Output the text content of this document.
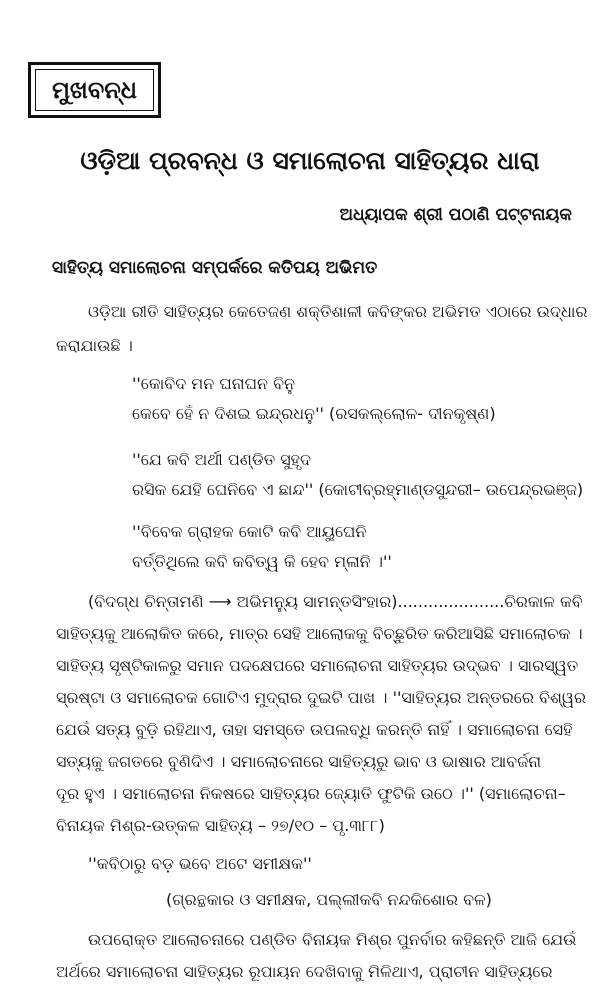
ମୁଖବନ୍ଧ
ଓଡ଼ିଆ ପ୍ରବନ୍ଧ ଓ ସମାଲୋଚନା ସାହିତ୍ୟର ଧାରା
ଅଧ୍ୟାପକ ଶ୍ରୀ ପଠାଣି ପଟ୍ଟନାୟକ
ସାହିତ୍ୟ ସମାଲୋଚନା ସମ୍ପର୍କରେ କତିପୟ ଅଭିମତ
ଓଡ଼ିଆ ରୀତି ସାହିତ୍ୟର କେତେଜଣ ଶକ୍ତିଶାଳୀ କବିଙ୍କର ଅଭିମତ ଏଠାରେ ଉଦ୍ଧାର
କରାଯାଉଛି ।
''କୋବିଦ ମନ ଘନାଘନ ବିନୁ
କେବେ ହେଁ ନ ଦିଶଇ ଇନ୍ଦ୍ରଧନୁ'' (ରସକଲ୍ଲୋଳ- ଦୀନକୃଷ୍ଣ)
''ଯେ କବି ଅର୍ଥୀ ପଣ୍ଡିତ ସୁହୃଦ
ରସିକ ଯେହି ଘେନିବେ ଏ ଛାନ୍ଦ'' (କୋଟୀବ୍ରହ୍ମାଣ୍ଡସୁନ୍ଦରୀ– ଉପେନ୍ଦ୍ରଭଞ୍ଜ)
''ବିବେକ ଗ୍ରାହକ କୋଟି କବି ଆୟୁଘେନି
ବର୍ତ୍ତିଥିଲେ କବି କବିତ୍ୱ କି ହେବ ମ୍ଳାନି ।''
(ବିଦଗ୍ଧ ଚିନ୍ତାମଣି ⟶ ଅଭିମନ୍ୟୁ ସାମନ୍ତସିଂହାର).....................ଚିରକାଳ କବି
ସାହିତ୍ୟକୁ ଆଲୋକିତ କରେ, ମାତ୍ର ସେହି ଆଲୋକକୁ ବିଚ୍ଛୁରିତ କରିଆସିଛି ସମାଲୋଚକ ।
ସାହିତ୍ୟ ସୃଷ୍ଟିକାଳରୁ ସମାନ ପଦକ୍ଷେପରେ ସମାଲୋଚନା ସାହିତ୍ୟର ଉଦ୍ଭବ । ସାରସ୍ୱତ
ସ୍ରଷ୍ଟା ଓ ସମାଲୋଚକ ଗୋଟିଏ ମୁଦ୍ରାର ଦୁଇଟି ପାଖ । ''ସାହିତ୍ୟର ଅନ୍ତରରେ ବିଶ୍ୱର
ଯେଉଁ ସତ୍ୟ ବୁଡ଼ି ରହିଥାଏ, ତାହା ସମସ୍ତେ ଉପଲବ୍ଧି କରନ୍ତି ନାହିଁ । ସମାଲୋଚନା ସେହି
ସତ୍ୟକୁ ଜଗତରେ ବୁଣିଦିଏ । ସମାଲୋଚନାରେ ସାହିତ୍ୟରୁ ଭାବ ଓ ଭାଷାର ଆବର୍ଜନା
ଦୂର ହୁଏ । ସମାଲୋଚନା ନିକଷରେ ସାହିତ୍ୟର ଜ୍ୟୋତି ଫୁଟିକି ଉଠେ ।'' (ସମାଲୋଚନା–
ବିନାୟକ ମିଶ୍ର-ଉତ୍କଳ ସାହିତ୍ୟ – ୨୭/୧୦ – ପୃ.୩୮୮)
''କବିଠାରୁ ବଡ଼ ଭବେ ଅଟେ ସମୀକ୍ଷକ''
(ଗ୍ରନ୍ଥକାର ଓ ସମୀକ୍ଷକ, ପଲ୍ଲୀକବି ନନ୍ଦକିଶୋର ବଳ)
ଉପରୋକ୍ତ ଆଲୋଚନାରେ ପଣ୍ଡିତ ବିନାୟକ ମିଶ୍ର ପୁନର୍ବାର କହିଛନ୍ତି ଆଜି ଯେଉଁ
ଅର୍ଥରେ ସମାଲୋଚନା ସାହିତ୍ୟର ରୂପାୟନ ଦେଖିବାକୁ ମିଳିଥାଏ, ପ୍ରାଚୀନ ସାହିତ୍ୟରେ
